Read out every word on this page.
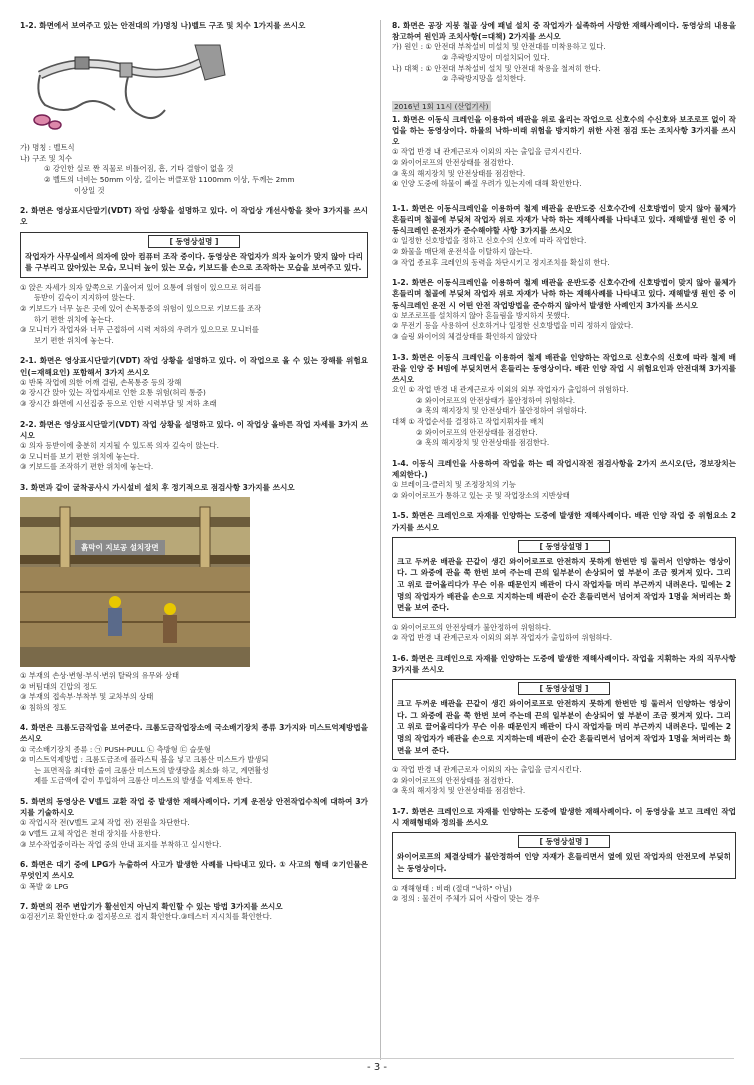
1-2. 화면에서 보여주고 있는 안전대의 가)명칭 나)벨트 구조 및 치수 1가지를 쓰시오

가) 명칭 : 벨트식

나) 구조 및 치수

① 강인한 실로 짠 직물로 비틀어짐, 흠, 기타 결함이 없을 것

② 벨트의 너비는 50mm 이상, 길이는 버클포함 1100mm 이상, 두께는 2mm

이상일 것

2. 화면은 영상표시단말기(VDT) 작업 상황을 설명하고 있다. 이 작업상 개선사항을 찾아 3가지를 쓰시오

[ 동영상설명 ]
작업자가 사무실에서 의자에 앉아 컴퓨터 조작 중이다. 동영상은 작업자가 의자 높이가 맞지 않아 다리를 구부리고 앉아있는 모습, 모니터 높이 있는 모습, 키보드를 손으로 조작하는 모습을 보여주고 있다.

① 앉은 자세가 의자 앞쪽으로 기울어져 있어 요통에 위험이 있으므로 허리를

등받이 깊숙이 지지하여 앉는다.

② 키보드가 너무 높은 곳에 있어 손목통증의 위험이 있으므로 키보드를 조작

하기 편한 위치에 놓는다.

③ 모니터가 작업자와 너무 근접하여 시력 저하의 우려가 있으므로 모니터를

보기 편한 위치에 놓는다.

2-1. 화면은 영상표시단말기(VDT) 작업 상황을 설명하고 있다. 이 작업으로 올 수 있는 장해를 위험요인(=재해요인) 포함해서 3가지 쓰시오

① 반복 작업에 의한 어깨 결림, 손목통증 등의 장해

② 장시간 앉아 있는 작업자세로 인한 요통 위험(허리 통증)

③ 장시간 화면에 시선집중 등으로 인한 시력부담 및 저하 초래

2-2. 화면은 영상표시단말기(VDT) 작업 상황을 설명하고 있다. 이 작업상 올바른 작업 자세를 3가지 쓰시오

① 의자 등받이에 충분히 지지될 수 있도록 의자 깊숙이 앉는다.

② 모니터를 보기 편한 위치에 놓는다.

③ 키보드를 조작하기 편한 위치에 놓는다.

3. 화면과 같이 굴착공사시 가시설비 설치 후 정기적으로 점검사항 3가지를 쓰시오

흙막이 지보공 설치장면

① 부재의 손상·변형·부식·변위 탈락의 유무와 상태

② 버팀대의 긴압의 정도

③ 부재의 접속부·부착부 및 교차부의 상태

④ 침하의 정도

4. 화면은 크롬도금작업을 보여준다. 크롬도금작업장소에 국소배기장치 종류 3가지와 미스트억제방법을 쓰시오

① 국소배기장치 종류 : ㉠ PUSH-PULL ㉡ 측방형 ㉢ 슬롯형

② 미스트억제방법 : 크롬도금조에 플라스틱 볼을 넣고 크롬산 미스트가 발생되

는 표면적을 최대한 줄여 크롬산 미스트의 발생량을 최소화 하고, 계면활성

제를 도금액에 같이 투입하여 크롬산 미스트의 발생을 억제토록 한다.

5. 화면의 동영상은 V벨트 교환 작업 중 발생한 재해사례이다. 기계 운전상 안전작업수칙에 대하여 3가지를 기술하시오

① 작업시작 전(V벨트 교체 작업 전) 전원을 차단한다.

② V벨트 교체 작업은 천대 장치를 사용한다.

③ 보수작업중이라는 작업 중의 안내 표지를 부착하고 실시한다.

6. 화면은 대기 중에 LPG가 누출하여 사고가 발생한 사례를 나타내고 있다. ① 사고의 형태 ②기인물은 무엇인지 쓰시오

① 폭발 ② LPG

7. 화면의 전주 변압기가 활선인지 아닌지 확인할 수 있는 방법 3가지를 쓰시오

①검전기로 확인한다.② 접지봉으로 접지 확인한다.③테스터 지시치를 확인한다.

8. 화면은 공장 지붕 철골 상에 패널 설치 중 작업자가 실족하여 사망한 재해사례이다. 동영상의 내용을 참고하여 원인과 조치사항(=대책) 2가지를 쓰시오

가) 원인 : ① 안전대 부착설비 미설치 및 안전대를 미착용하고 있다.

② 추락방지망이 미설치되어 있다.

나) 대책 : ① 안전대 부착설비 설치 및 안전대 착용을 철저히 한다.

② 추락방지망을 설치한다.

2016년 1회 11시 (산업기사)

1. 화면은 이동식 크레인을 이용하여 배관을 위로 올리는 작업으로 신호수의 수신호와 보조로프 없이 작업을 하는 동영상이다. 하물의 낙하·비래 위험을 방지하기 위한 사전 점검 또는 조치사항 3가지를 쓰시오

① 작업 반경 내 관계근로자 이외의 자는 출입을 금지시킨다.

② 와이어로프의 안전상태를 점검한다.

③ 훅의 해지장치 및 안전상태를 점검한다.

④ 인양 도중에 하물이 빠질 우려가 있는지에 대해 확인한다.

1-1. 화면은 이동식크레인을 이용하여 철제 배관을 운반도중 신호수간에 신호방법이 맞지 않아 물체가 흔들리며 철골에 부딪쳐 작업자 위로 자재가 낙하 하는 재해사례를 나타내고 있다. 재해발생 원인 중 이동식크레인 운전자가 준수해야할 사항 3가지를 쓰시오

① 일정한 신호방법을 정하고 신호수의 신호에 따라 작업한다.

② 화물을 매단채 운전석을 이탈하지 않는다.

③ 작업 종료후 크레인의 동력을 차단시키고 정지조치를 확실히 한다.

1-2. 화면은 이동식크레인을 이용하여 철제 배관을 운반도중 신호수간에 신호방법이 맞지 않아 물체가 흔들리며 철골에 부딪쳐 작업자 위로 자재가 낙하 하는 재해사례를 나타내고 있다. 재해발생 원인 중 이동식크레인 운전 시 어떤 안전 작업방법을 준수하지 않아서 발생한 사례인지 3가지를 쓰시오

① 보조로프를 설치하지 않아 흔들림을 방지하지 못했다.

② 무전기 등을 사용하여 신호하거나 일정한 신호방법을 미리 정하지 않았다.

③ 슬링 와이어의 체결상태를 확인하지 않았다

1-3. 화면은 이동식 크레인을 이용하여 철제 배관을 인양하는 작업으로 신호수의 신호에 따라 철제 배관을 인양 중 H빔에 부딪치면서 흔들리는 동영상이다. 배관 인양 작업 시 위험요인과 안전대책 3가지를 쓰시오

요인 ① 작업 반경 내 관계근로자 이외의 외부 작업자가 출입하여 위험하다.

② 와이어로프의 안전상태가 불안정하여 위험하다.

③ 훅의 해지장치 및 안전상태가 불안정하여 위험하다.

대책 ① 작업순서를 결정하고 작업지휘자를 배치

② 와이어로프의 안전상태를 점검한다.

③ 훅의 해지장치 및 안전상태를 점검한다.

1-4. 이동식 크레인을 사용하여 작업을 하는 때 작업시작전 점검사항을 2가지 쓰시오(단, 경보장치는 제외한다.)

① 브레이크·클러치 및 조정장치의 기능

② 와이어로프가 통하고 있는 곳 및 작업장소의 지반상태

1-5. 화면은 크레인으로 자재를 인양하는 도중에 발생한 재해사례이다. 배관 인양 작업 중 위험요소 2가지를 쓰시오

[ 동영상설명 ]
크고 두꺼운 배관을 끈같이 생긴 와이어로프로 안전하지 못하게 한번만 빙 둘러서 인양하는 영상이다. 그 와중에 관을 쭉 한번 보여 주는데 끈의 일부분이 손상되어 옆 부분이 조금 찢겨져 있다. 그리고 위로 끌어올리다가 무슨 이유 때문인지 배관이 다시 작업자들 머리 부근까지 내려온다. 밑에는 2명의 작업자가 배관을 손으로 지지하는데 배관이 순간 흔들리면서 넘어져 작업자 1명을 쳐버리는 화면을 보여 준다.

① 와이어로프의 안전상태가 불안정하여 위험하다.

② 작업 반경 내 관계근로자 이외의 외부 작업자가 출입하여 위험하다.

1-6. 화면은 크레인으로 자재를 인양하는 도중에 발생한 재해사례이다. 작업을 지휘하는 자의 직무사항 3가지를 쓰시오

[ 동영상설명 ]
크고 두꺼운 배관을 끈같이 생긴 와이어로프로 안전하지 못하게 한번만 빙 둘러서 인양하는 영상이다. 그 와중에 관을 쭉 한번 보여 주는데 끈의 일부분이 손상되어 옆 부분이 조금 찢겨져 있다. 그리고 위로 끌어올리다가 무슨 이유 때문인지 배관이 다시 작업자들 머리 부근까지 내려온다. 밑에는 2명의 작업자가 배관을 손으로 지지하는데 배관이 순간 흔들리면서 넘어져 작업자 1명을 쳐버리는 화면을 보여 준다.

① 작업 반경 내 관계근로자 이외의 자는 출입을 금지시킨다.

② 와이어로프의 안전상태를 점검한다.

③ 훅의 해지장치 및 안전상태를 점검한다.

1-7. 화면은 크레인으로 자재를 인양하는 도중에 발생한 재해사례이다. 이 동영상을 보고 크레인 작업시 재해형태와 정의를 쓰시오

[ 동영상설명 ]
와이어로프의 체결상태가 불안정하여 인양 자재가 흔들리면서 옆에 있던 작업자의 안전모에 부딪히는 동영상이다.

① 재해형태 : 비래 (절대 "낙하" 아님)

② 정의 : 물건이 주체가 되어 사람이 맞는 경우

- 3 -
